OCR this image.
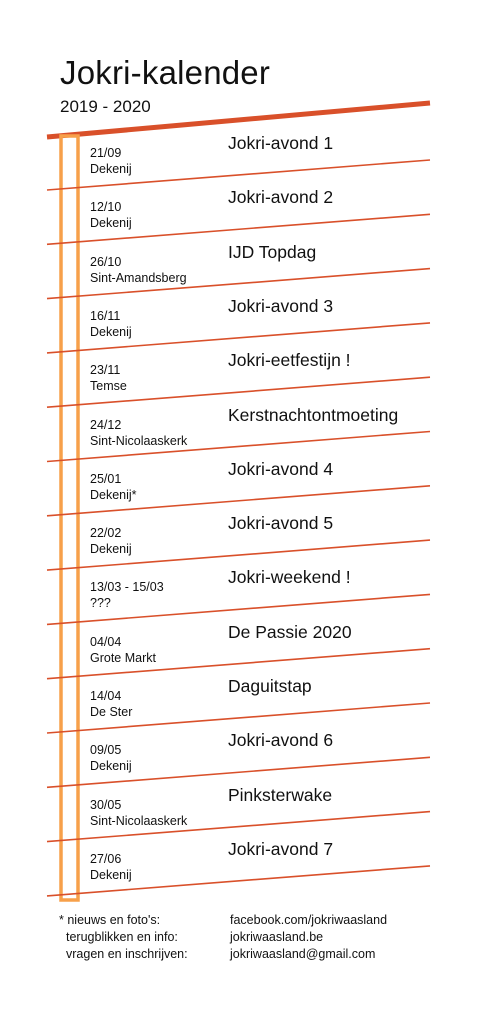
Jokri-kalender
2019 - 2020
21/09
Dekenij
Jokri-avond 1
12/10
Dekenij
Jokri-avond 2
26/10
Sint-Amandsberg
IJD Topdag
16/11
Dekenij
Jokri-avond 3
23/11
Temse
Jokri-eetfestijn !
24/12
Sint-Nicolaaskerk
Kerstnachtontmoeting
25/01
Dekenij*
Jokri-avond 4
22/02
Dekenij
Jokri-avond 5
13/03 - 15/03
???
Jokri-weekend !
04/04
Grote Markt
De Passie 2020
14/04
De Ster
Daguitstap
09/05
Dekenij
Jokri-avond 6
30/05
Sint-Nicolaaskerk
Pinksterwake
27/06
Dekenij
Jokri-avond 7
* nieuws en foto's:
terugblikken en info:
vragen en inschrijven:
facebook.com/jokriwaasland
jokriwaasland.be
jokriwaasland@gmail.com
